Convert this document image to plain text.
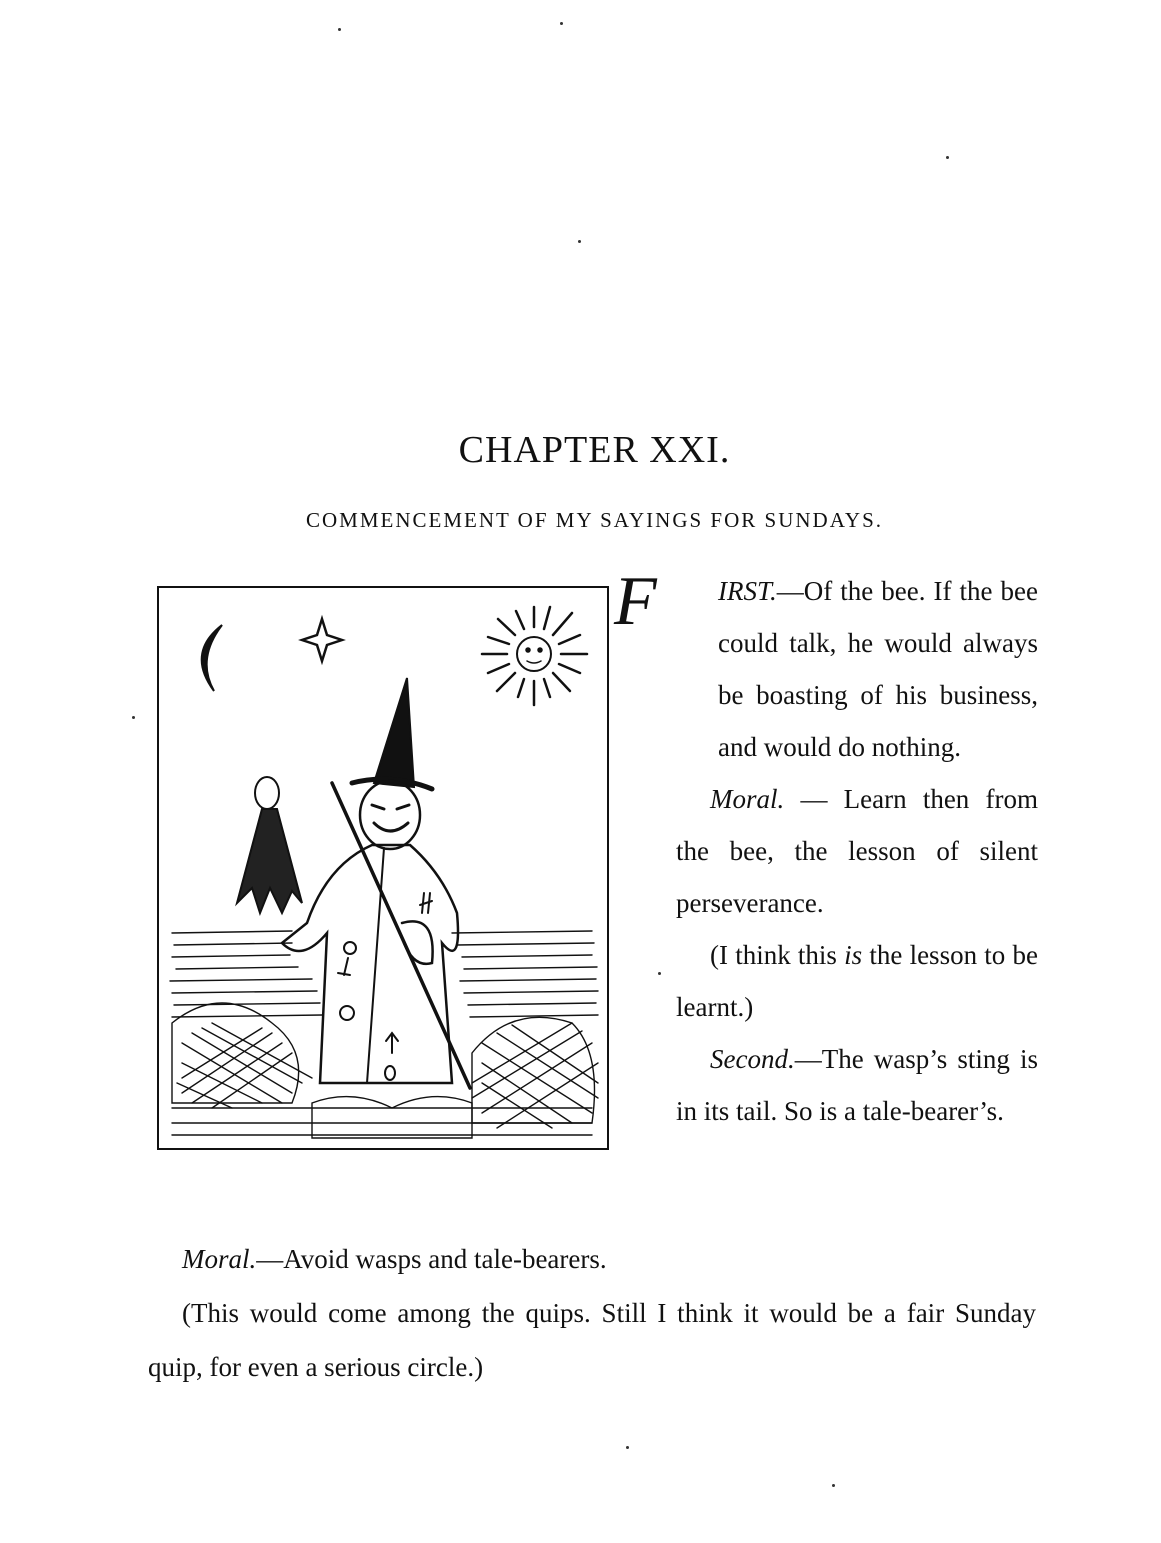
CHAPTER XXI.
COMMENCEMENT OF MY SAYINGS FOR SUNDAYS.
F	IRST.—Of the bee. If the bee could talk, he would always be boasting of his business, and would do nothing.

Moral. — Learn then from the bee, the lesson of silent perseverance.

(I think this is the lesson to be learnt.)

Second.—The wasp’s sting is in its tail. So is a tale-bearer’s.

Moral.—Avoid wasps and tale-bearers.

(This would come among the quips. Still I think it would be a fair Sunday quip, for even a serious circle.)
